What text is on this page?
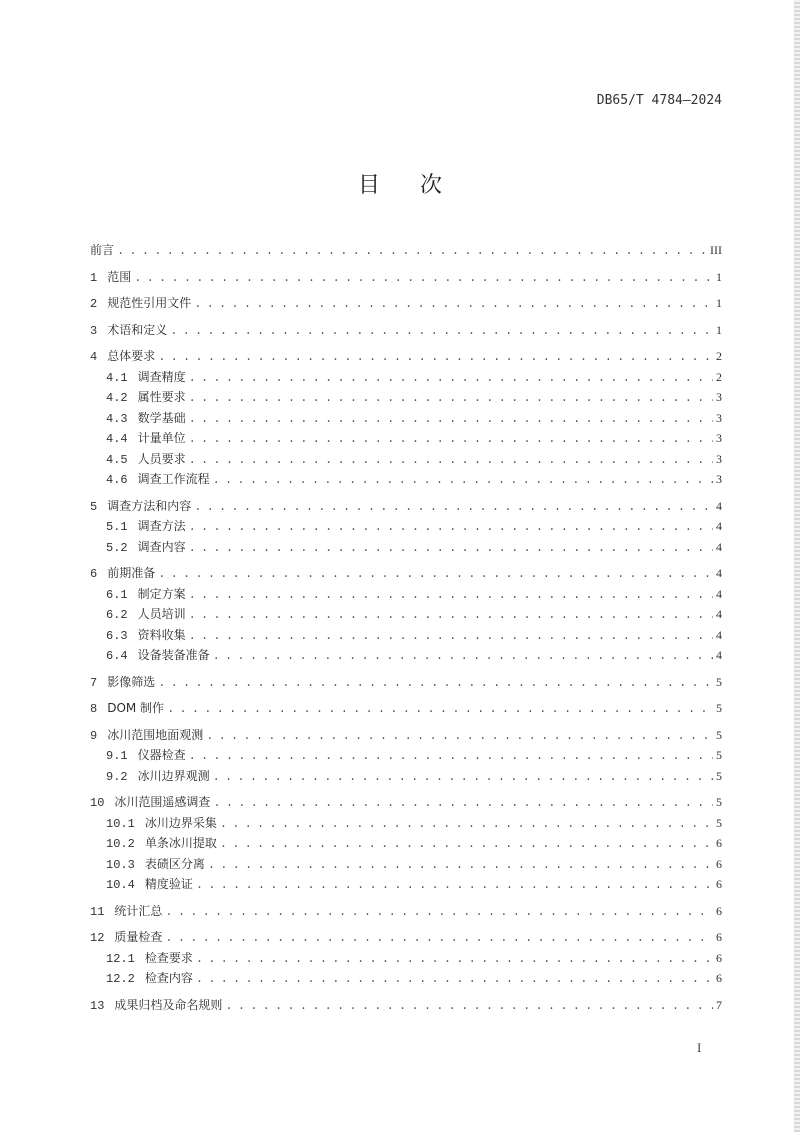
DB65/T 4784—2024
目次
前言 . . .	III
1 范围 . . .	1
2 规范性引用文件 . . .	1
3 术语和定义 . . .	1
4 总体要求 . . .	2
4.1 调查精度 . . .	2
4.2 属性要求 . . .	3
4.3 数学基础 . . .	3
4.4 计量单位 . . .	3
4.5 人员要求 . . .	3
4.6 调查工作流程 . . .	3
5 调查方法和内容 . . .	4
5.1 调查方法 . . .	4
5.2 调查内容 . . .	4
6 前期准备 . . .	4
6.1 制定方案 . . .	4
6.2 人员培训 . . .	4
6.3 资料收集 . . .	4
6.4 设备装备准备 . . .	4
7 影像筛选 . . .	5
8 DOM 制作 . . .	5
9 冰川范围地面观测 . . .	5
9.1 仪器检查 . . .	5
9.2 冰川边界观测 . . .	5
10 冰川范围遥感调查 . . .	5
10.1 冰川边界采集 . . .	5
10.2 单条冰川提取 . . .	6
10.3 表碛区分离 . . .	6
10.4 精度验证 . . .	6
11 统计汇总 . . .	6
12 质量检查 . . .	6
12.1 检查要求 . . .	6
12.2 检查内容 . . .	6
13 成果归档及命名规则 . . .	7
I
